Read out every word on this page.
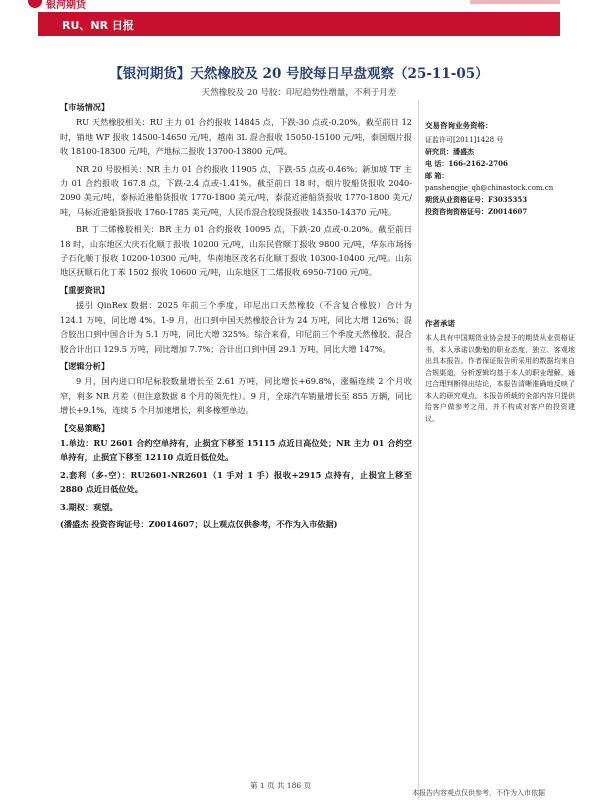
银河期货
RU、NR 日报
【银河期货】天然橡胶及 20 号胶每日早盘观察（25-11-05）
天然橡胶及 20 号胶：印尼趋势性增量，不利于月差
【市场情况】

RU 天然橡胶相关：RU 主力 01 合约报收 14845 点，下跌-30 点或-0.20%。截至前日 12 时，销地 WF 报收 14500-14650 元/吨，越南 3L 混合报收 15050-15100 元/吨，泰国烟片报收 18100-18300 元/吨，产地标二报收 13700-13800 元/吨。

NR 20 号胶相关：NR 主力 01 合约报收 11905 点，下跌-55 点或-0.46%；新加坡 TF 主力 01 合约报收 167.8 点，下跌-2.4 点或-1.41%。截至前日 18 时，烟片胶船货报收 2040-2090 美元/吨，泰标近港船货报收 1770-1800 美元/吨，泰混近港船货报收 1770-1800 美元/吨，马标近港船货报收 1760-1785 美元/吨，人民币混合胶现货报收 14350-14370 元/吨。

BR 丁二烯橡胶相关：BR 主力 01 合约报收 10095 点，下跌-20 点或-0.20%。截至前日 18 时，山东地区大庆石化顺丁报收 10200 元/吨，山东民营顺丁报收 9800 元/吨，华东市场扬子石化顺丁报收 10200-10300 元/吨，华南地区茂名石化顺丁报收 10300-10400 元/吨。山东地区抚顺石化丁苯 1502 报收 10600 元/吨，山东地区丁二烯报收 6950-7100 元/吨。

【重要资讯】

援引 QinRex 数据：2025 年前三个季度，印尼出口天然橡胶（不含复合橡胶）合计为 124.1 万吨，同比增 4%。1-9 月，出口到中国天然橡胶合计为 24 万吨，同比大增 126%；混合胶出口到中国合计为 5.1 万吨，同比大增 325%。综合来看，印尼前三个季度天然橡胶、混合胶合计出口 129.5 万吨，同比增加 7.7%；合计出口到中国 29.1 万吨，同比大增 147%。

【逻辑分析】

9 月，国内进口印尼标胶数量增长至 2.61 万吨，同比增长+69.8%，涨幅连续 2 个月收窄，利多 NR 月差（但注意数据 8 个月的领先性）。9 月，全球汽车销量增长至 855 万辆，同比增长+9.1%，连续 5 个月加速增长，利多橡塑单边。

【交易策略】

1.单边：RU 2601 合约空单持有，止损宜下移至 15115 点近日高位处；NR 主力 01 合约空单持有，止损宜下移至 12110 点近日低位处。

2.套利（多-空）：RU2601-NR2601（1 手对 1 手）报收+2915 点持有，止损宜上移至 2880 点近日低位处。

3.期权：观望。

(潘盛杰 投资咨询证号：Z0014607；以上观点仅供参考，不作为入市依据)

交易咨询业务资格：
证监许可[2011]1428 号
研究员：潘盛杰
电 话：166-2162-2706
邮 箱：
panshengjie_qh@chinastock.com.cn
期货从业资格证号：F3035353
投资咨询资格证号：Z0014607
作者承诺
本人具有中国期货业协会授予的期货从业资格证书，本人承诺以勤勉的职业态度，独立、客观地出具本报告。作者保证报告所采用的数据均来自合规渠道，分析逻辑均基于本人的职业理解，通过合理判断得出结论，本报告清晰准确地反映了本人的研究观点。本报告所载的全部内容只提供给客户做参考之用，并不构成对客户的投资建议。
第 1 页 共 186 页
本报告内容观点仅供参考，不作为入市依据
